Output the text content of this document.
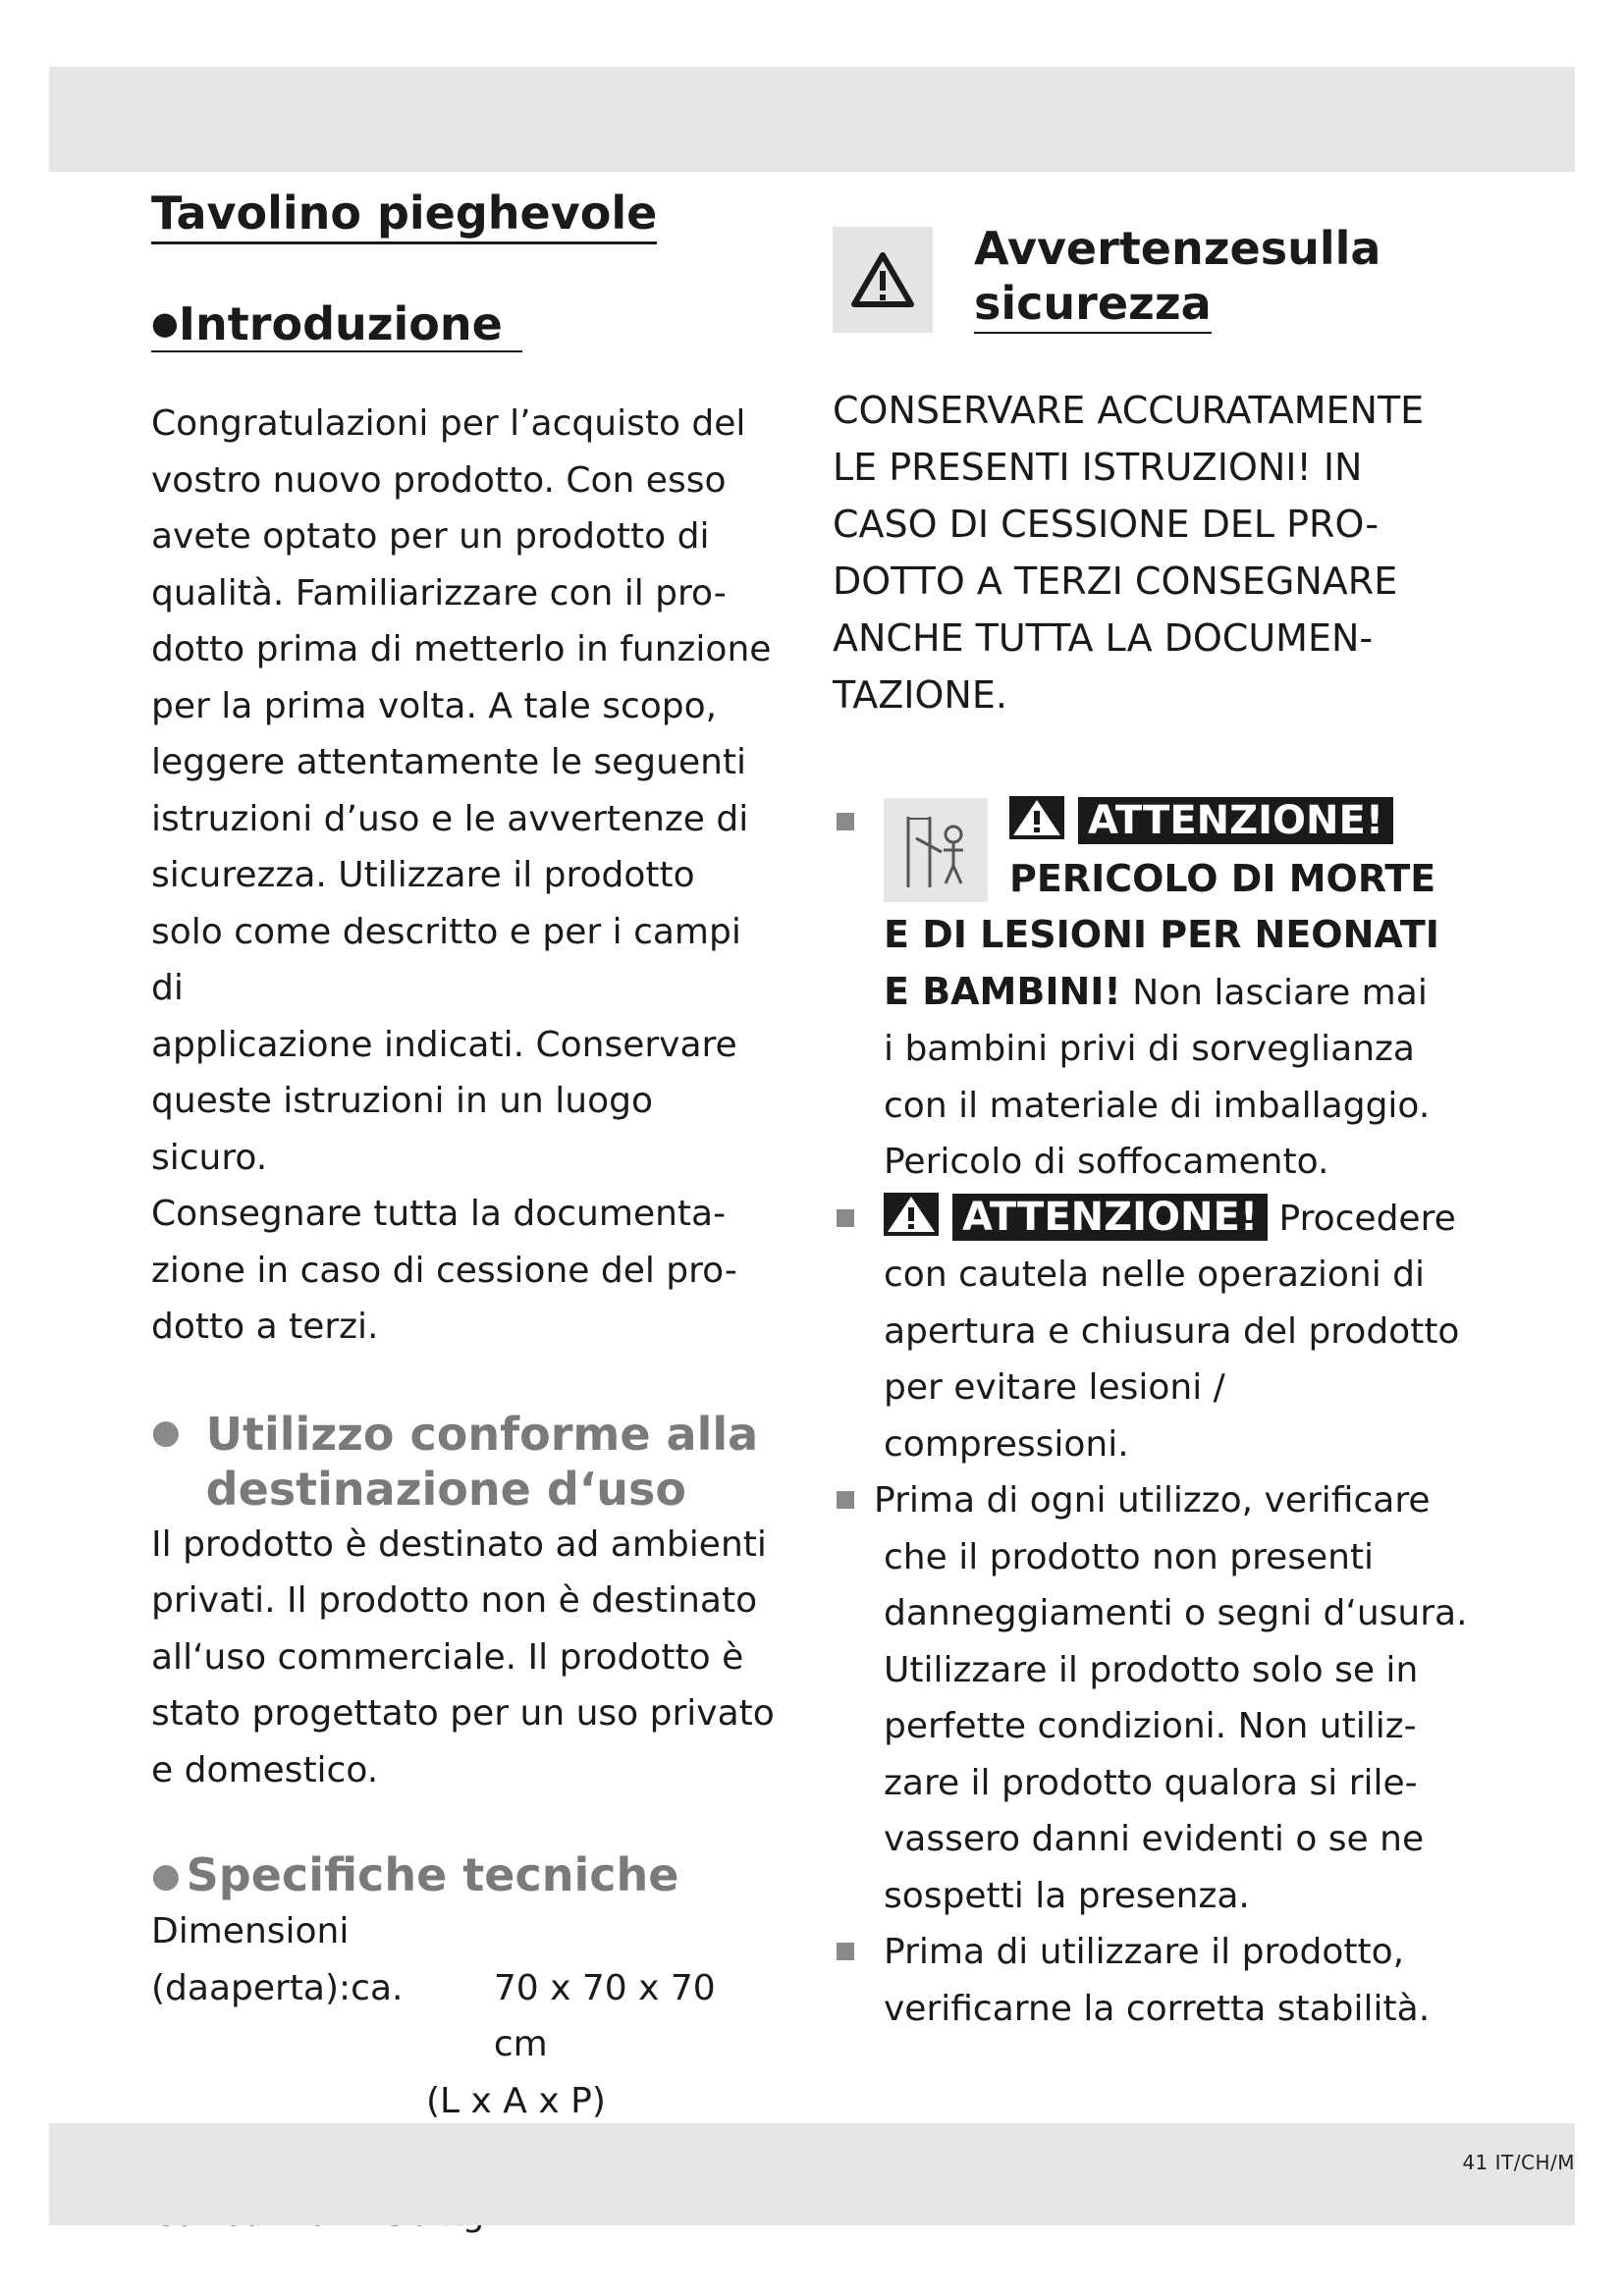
Tavolino pieghevole
●Introduzione
Congratulazioni per l’acquisto del
vostro nuovo prodotto. Con esso
avete optato per un prodotto di
qualità. Familiarizzare con il pro-
dotto prima di metterlo in funzione
per la prima volta. A tale scopo,
leggere attentamente le seguenti
istruzioni d’uso e le avvertenze di
sicurezza. Utilizzare il prodotto
solo come descritto e per i campi di
applicazione indicati. Conservare
queste istruzioni in un luogo sicuro.
Consegnare tutta la documenta-
zione in caso di cessione del pro-
dotto a terzi.
● Utilizzo conforme alla
destinazione d‘uso
Il prodotto è destinato ad ambienti
privati. Il prodotto non è destinato
all‘uso commerciale. Il prodotto è
stato progettato per un uso privato
e domestico.
● Specifiche tecniche
Dimensioni
(daaperta):ca.	70 x 70 x 70 cm
(L x A x P)
Avvertenzesulla
sicurezza
CONSERVARE ACCURATAMENTE
LE PRESENTI ISTRUZIONI! IN
CASO DI CESSIONE DEL PRO-
DOTTO A TERZI CONSEGNARE
ANCHE TUTTA LA DOCUMEN-
TAZIONE.
ATTENZIONE!
PERICOLO DI MORTE
E DI LESIONI PER NEONATI
E BAMBINI! Non lasciare mai
i bambini privi di sorveglianza
con il materiale di imballaggio.
Pericolo di soffocamento.
ATTENZIONE! Procedere
con cautela nelle operazioni di
apertura e chiusura del prodotto
per evitare lesioni / compressioni.
Prima di ogni utilizzo, verificare
che il prodotto non presenti
danneggiamenti o segni d‘usura.
Utilizzare il prodotto solo se in
perfette condizioni. Non utiliz-
zare il prodotto qualora si rile-
vassero danni evidenti o se ne
sospetti la presenza.
Prima di utilizzare il prodotto,
verificarne la corretta stabilità.
41 IT/CH/M
